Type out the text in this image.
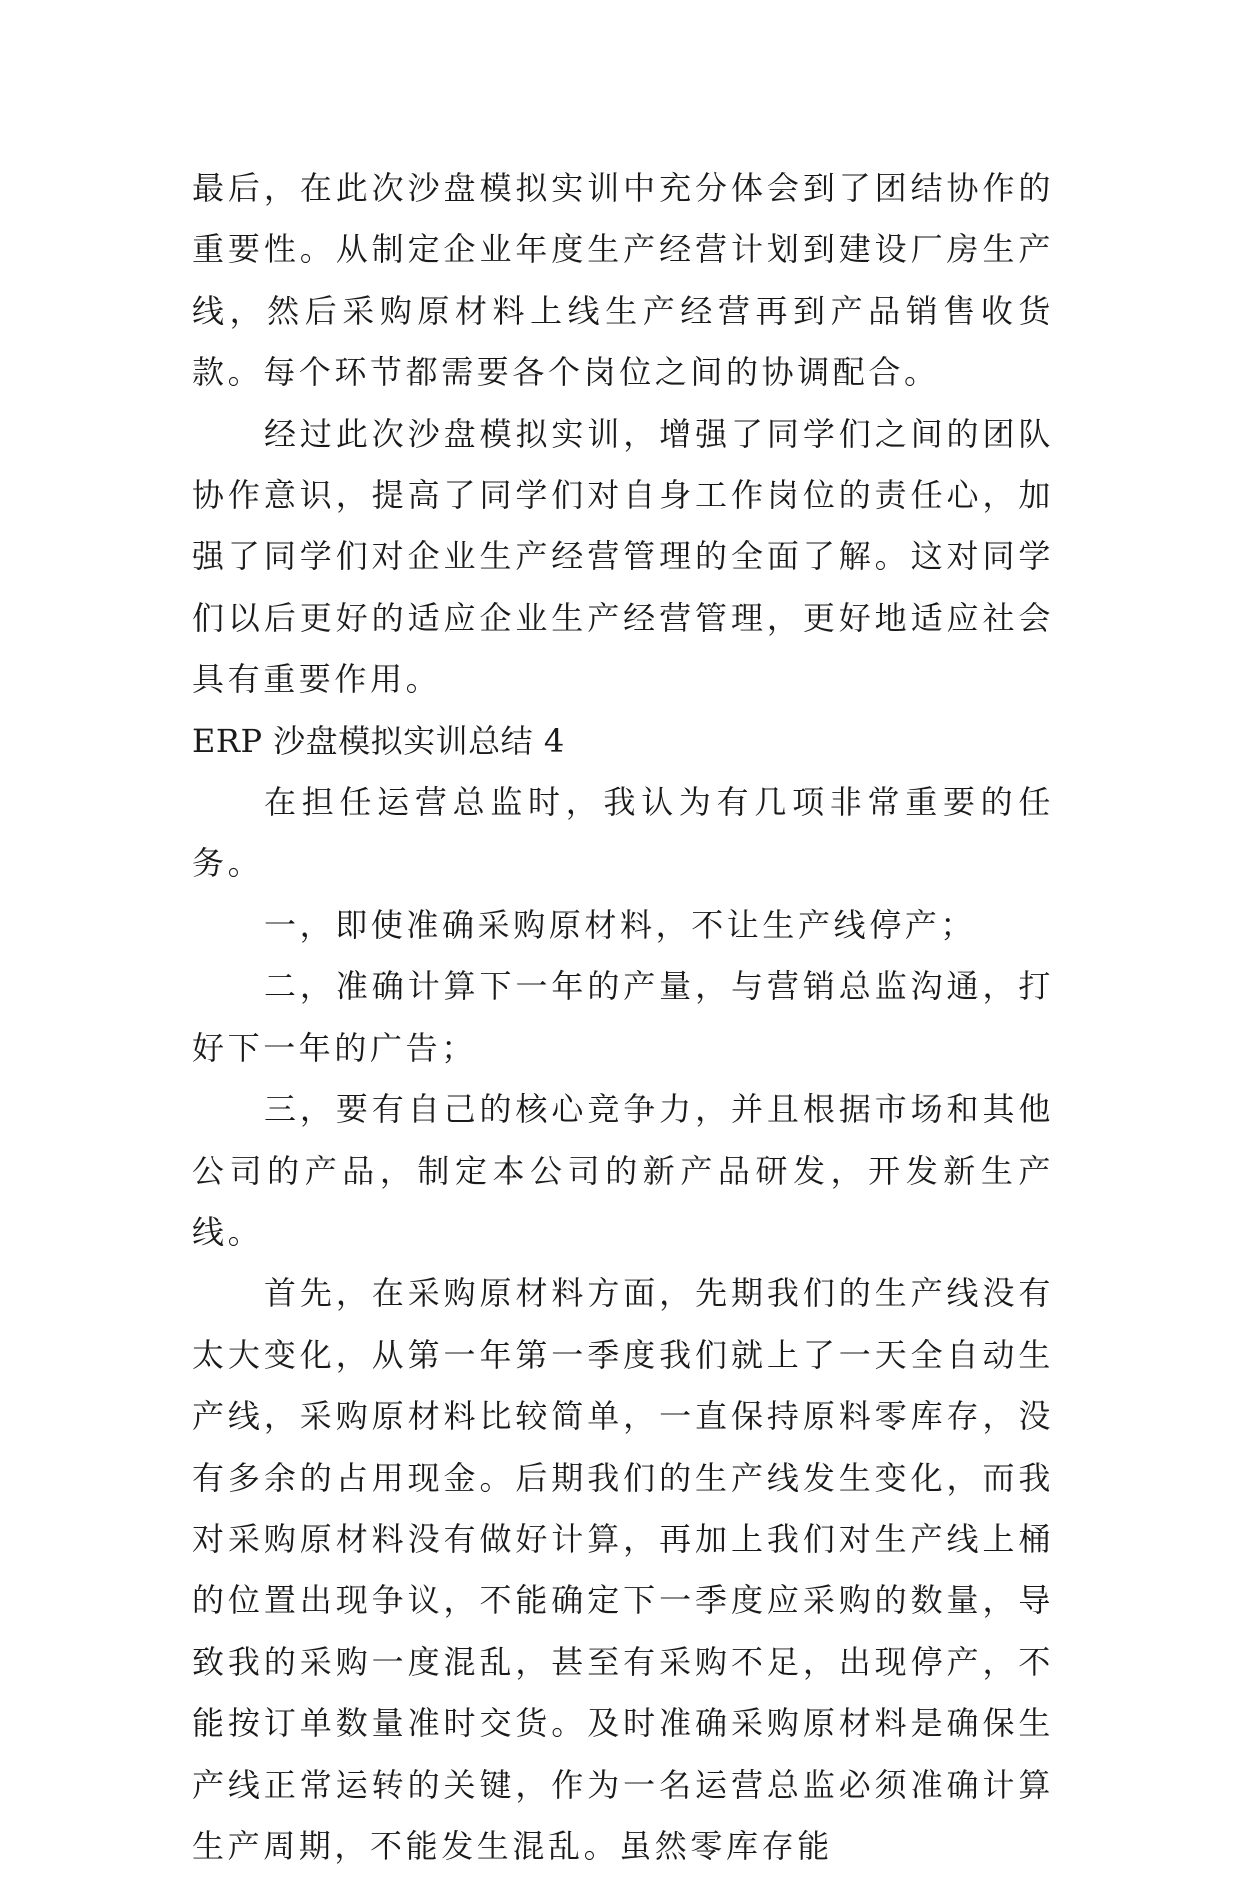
最后，在此次沙盘模拟实训中充分体会到了团结协作的重要性。从制定企业年度生产经营计划到建设厂房生产线，然后采购原材料上线生产经营再到产品销售收货款。每个环节都需要各个岗位之间的协调配合。

经过此次沙盘模拟实训，增强了同学们之间的团队协作意识，提高了同学们对自身工作岗位的责任心，加强了同学们对企业生产经营管理的全面了解。这对同学们以后更好的适应企业生产经营管理，更好地适应社会具有重要作用。

ERP 沙盘模拟实训总结 4

在担任运营总监时，我认为有几项非常重要的任务。

一，即使准确采购原材料，不让生产线停产；

二，准确计算下一年的产量，与营销总监沟通，打好下一年的广告；

三，要有自己的核心竞争力，并且根据市场和其他公司的产品，制定本公司的新产品研发，开发新生产线。

首先，在采购原材料方面，先期我们的生产线没有太大变化，从第一年第一季度我们就上了一天全自动生产线，采购原材料比较简单，一直保持原料零库存，没有多余的占用现金。后期我们的生产线发生变化，而我对采购原材料没有做好计算，再加上我们对生产线上桶的位置出现争议，不能确定下一季度应采购的数量，导致我的采购一度混乱，甚至有采购不足，出现停产，不能按订单数量准时交货。及时准确采购原材料是确保生产线正常运转的关键，作为一名运营总监必须准确计算生产周期，不能发生混乱。虽然零库存能
